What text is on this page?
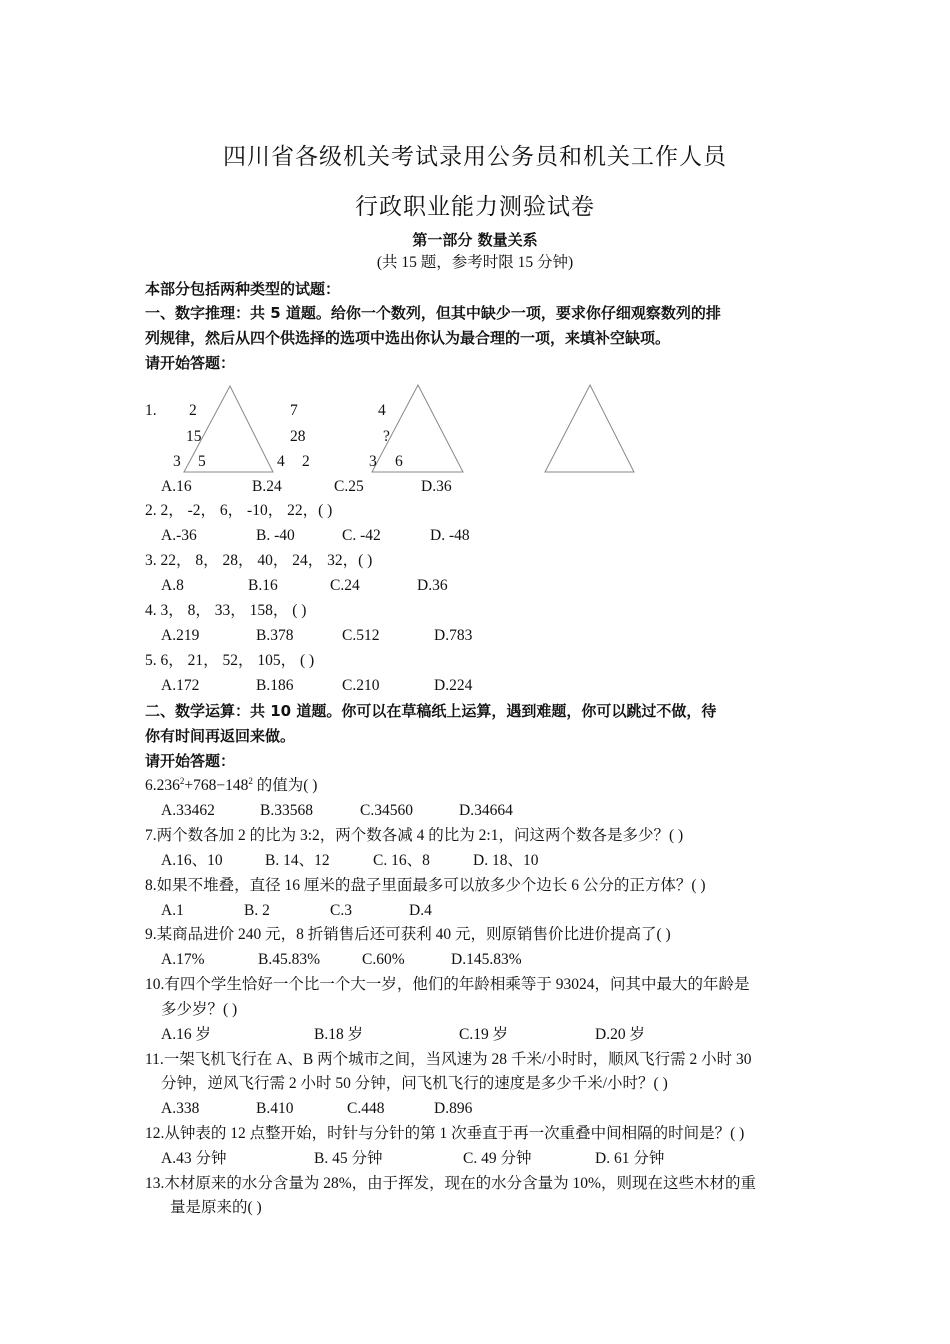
四川省各级机关考试录用公务员和机关工作人员
行政职业能力测验试卷
第一部分 数量关系
(共 15 题，参考时限 15 分钟)
本部分包括两种类型的试题：
一、数字推理：共 5 道题。给你一个数列，但其中缺少一项，要求你仔细观察数列的排
列规律，然后从四个供选择的选项中选出你认为最合理的一项，来填补空缺项。
请开始答题：
1. 2
15
3 5
7
28
4 2
4
?
3 6
A.16	B.24	C.25	D.36
2. 2， -2， 6， -10， 22，( )
A.-36	B. -40	C. -42	D. -48
3. 22， 8， 28， 40， 24， 32，( )
A.8	B.16	C.24	D.36
4. 3， 8， 33， 158， ( )
A.219	B.378	C.512	D.783
5. 6， 21， 52， 105， ( )
A.172	B.186	C.210	D.224
二、数学运算：共 10 道题。你可以在草稿纸上运算，遇到难题，你可以跳过不做，待
你有时间再返回来做。
请开始答题：
$6.236^2+768-148^2$ 的值为( )
A.33462	B.33568	C.34560	D.34664
7.两个数各加 2 的比为 3:2，两个数各减 4 的比为 2:1，问这两个数各是多少？( )
A.16、10	B. 14、12	C. 16、8	D. 18、10
8.如果不堆叠，直径 16 厘米的盘子里面最多可以放多少个边长 6 公分的正方体？( )
A.1	B. 2	C.3	D.4
9.某商品进价 240 元，8 折销售后还可获利 40 元，则原销售价比进价提高了( )
A.17%	B.45.83%	C.60%	D.145.83%
10.有四个学生恰好一个比一个大一岁，他们的年龄相乘等于 93024，问其中最大的年龄是
多少岁？( )
A.16 岁	B.18 岁	C.19 岁	D.20 岁
11.一架飞机飞行在 A、B 两个城市之间，当风速为 28 千米/小时时，顺风飞行需 2 小时 30
分钟，逆风飞行需 2 小时 50 分钟，问飞机飞行的速度是多少千米/小时？( )
A.338	B.410	C.448	D.896
12.从钟表的 12 点整开始，时针与分针的第 1 次垂直于再一次重叠中间相隔的时间是？( )
A.43 分钟	B. 45 分钟	C. 49 分钟	D. 61 分钟
13.木材原来的水分含量为 28%，由于挥发，现在的水分含量为 10%，则现在这些木材的重
量是原来的( )
